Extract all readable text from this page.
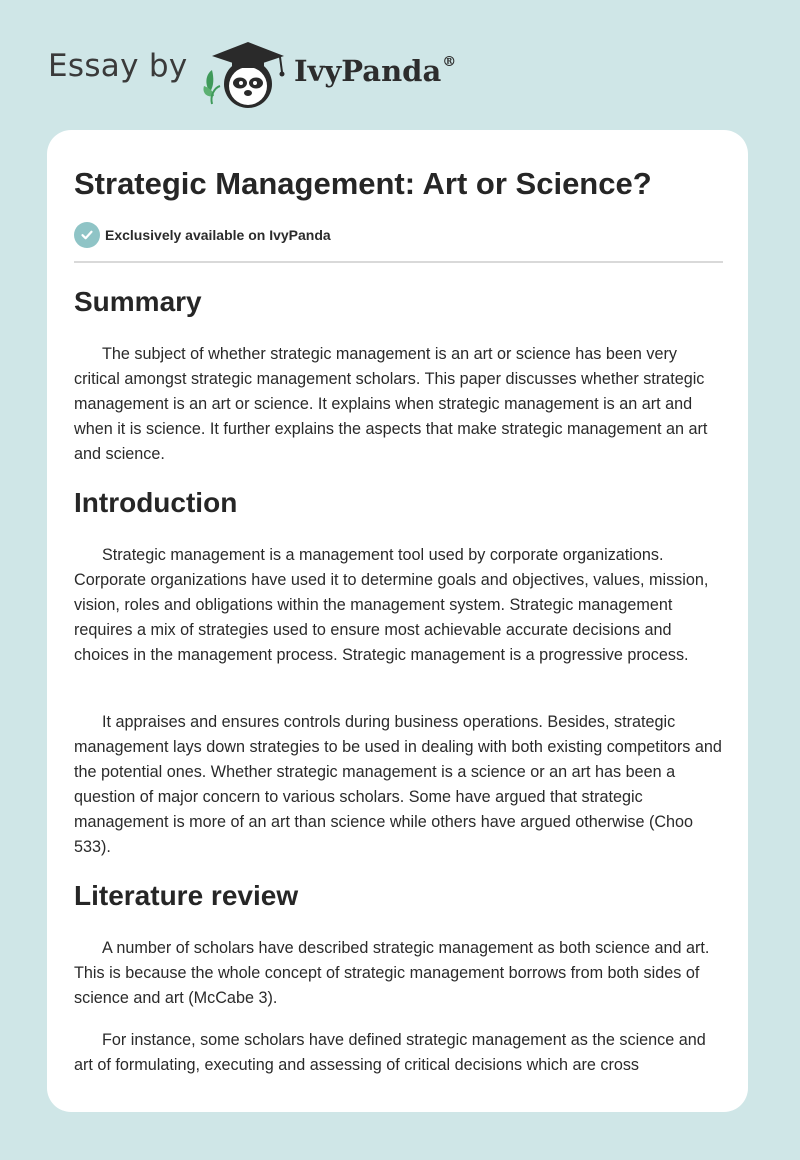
Essay by	IvyPanda®
Strategic Management: Art or Science?
Exclusively available on IvyPanda
Summary

The subject of whether strategic management is an art or science has been very critical amongst strategic management scholars. This paper discusses whether strategic management is an art or science. It explains when strategic management is an art and when it is science. It further explains the aspects that make strategic management an art and science.

Introduction

Strategic management is a management tool used by corporate organizations. Corporate organizations have used it to determine goals and objectives, values, mission, vision, roles and obligations within the management system. Strategic management requires a mix of strategies used to ensure most achievable accurate decisions and choices in the management process. Strategic management is a progressive process.

It appraises and ensures controls during business operations. Besides, strategic management lays down strategies to be used in dealing with both existing competitors and the potential ones. Whether strategic management is a science or an art has been a question of major concern to various scholars. Some have argued that strategic management is more of an art than science while others have argued otherwise (Choo 533).

Literature review

A number of scholars have described strategic management as both science and art. This is because the whole concept of strategic management borrows from both sides of science and art (McCabe 3).

For instance, some scholars have defined strategic management as the science and art of formulating, executing and assessing of critical decisions which are cross
